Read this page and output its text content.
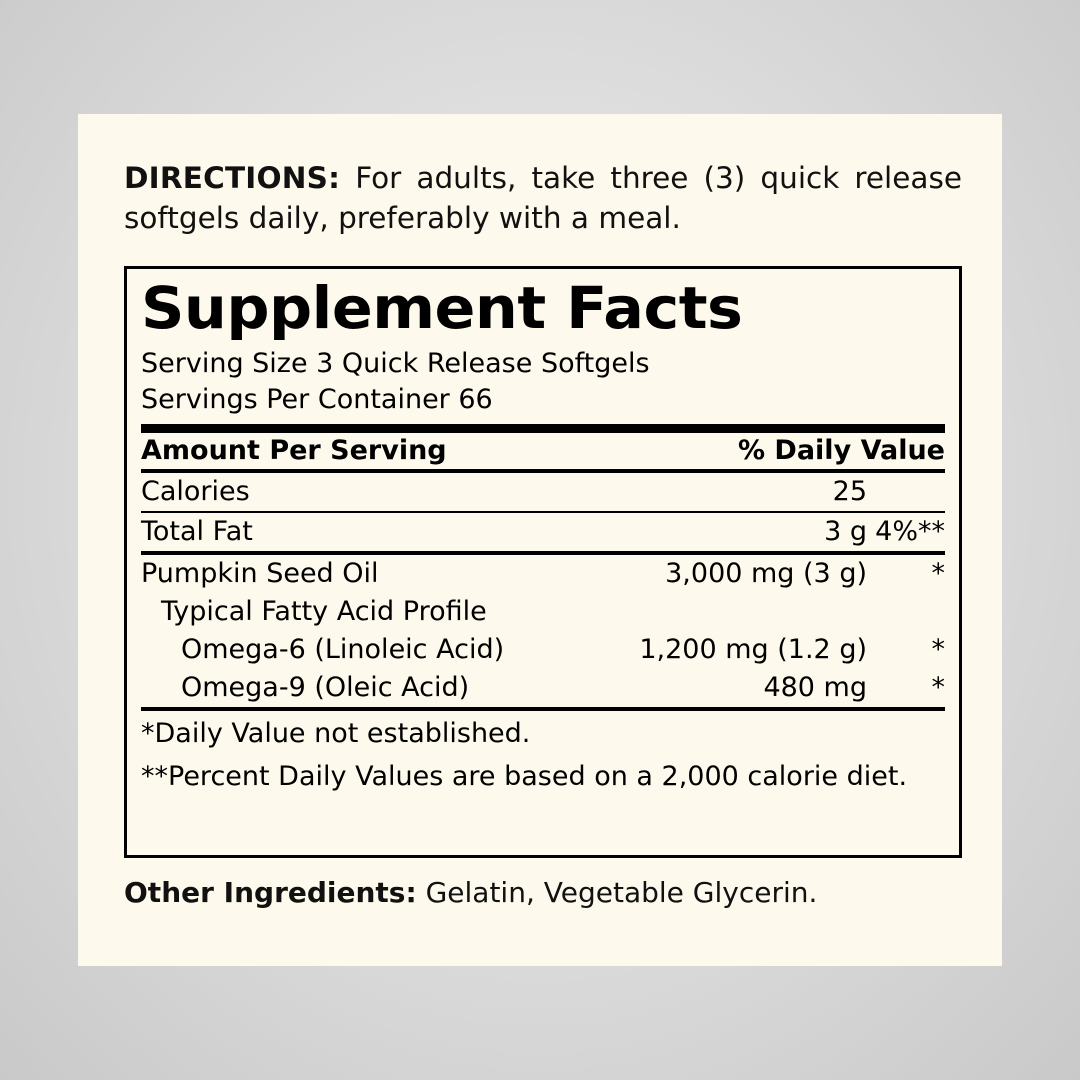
DIRECTIONS: For adults, take three (3) quick release softgels daily, preferably with a meal.
Supplement Facts
Serving Size 3 Quick Release Softgels
Servings Per Container 66
Amount Per Serving	% Daily Value
Calories	25
Total Fat	3 g 4%**
Pumpkin Seed Oil	3,000 mg (3 g)	*
Typical Fatty Acid Profile
Omega-6 (Linoleic Acid)	1,200 mg (1.2 g)	*
Omega-9 (Oleic Acid)	480 mg	*
*Daily Value not established.
**Percent Daily Values are based on a 2,000 calorie diet.
Other Ingredients: Gelatin, Vegetable Glycerin.
